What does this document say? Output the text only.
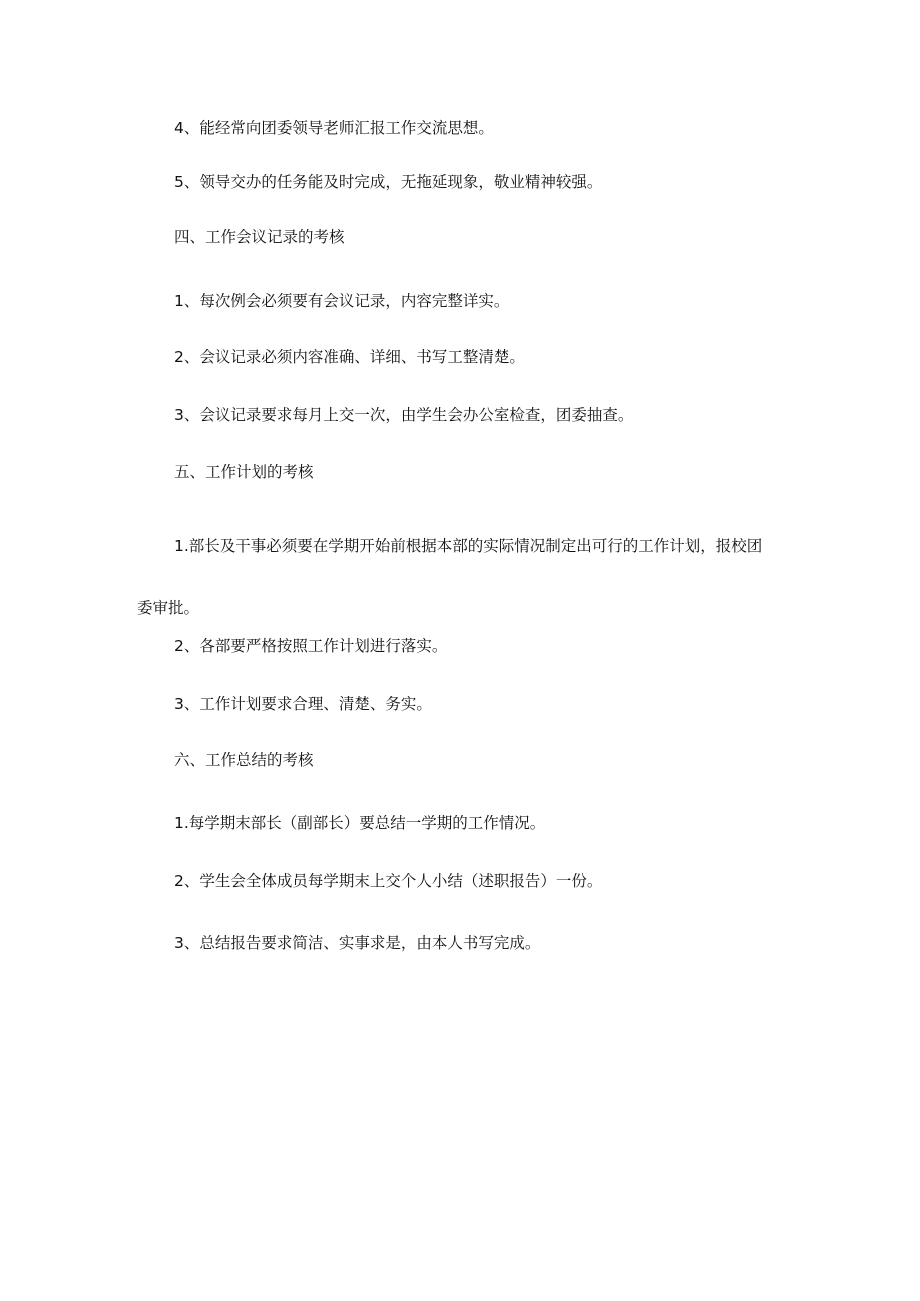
4、能经常向团委领导老师汇报工作交流思想。

5、领导交办的任务能及时完成，无拖延现象，敬业精神较强。

四、工作会议记录的考核

1、每次例会必须要有会议记录，内容完整详实。

2、会议记录必须内容准确、详细、书写工整清楚。

3、会议记录要求每月上交一次，由学生会办公室检查，团委抽查。

五、工作计划的考核

1.部长及干事必须要在学期开始前根据本部的实际情况制定出可行的工作计划，报校团委审批。

2、各部要严格按照工作计划进行落实。

3、工作计划要求合理、清楚、务实。

六、工作总结的考核

1.每学期末部长（副部长）要总结一学期的工作情况。

2、学生会全体成员每学期末上交个人小结（述职报告）一份。

3、总结报告要求简洁、实事求是，由本人书写完成。
